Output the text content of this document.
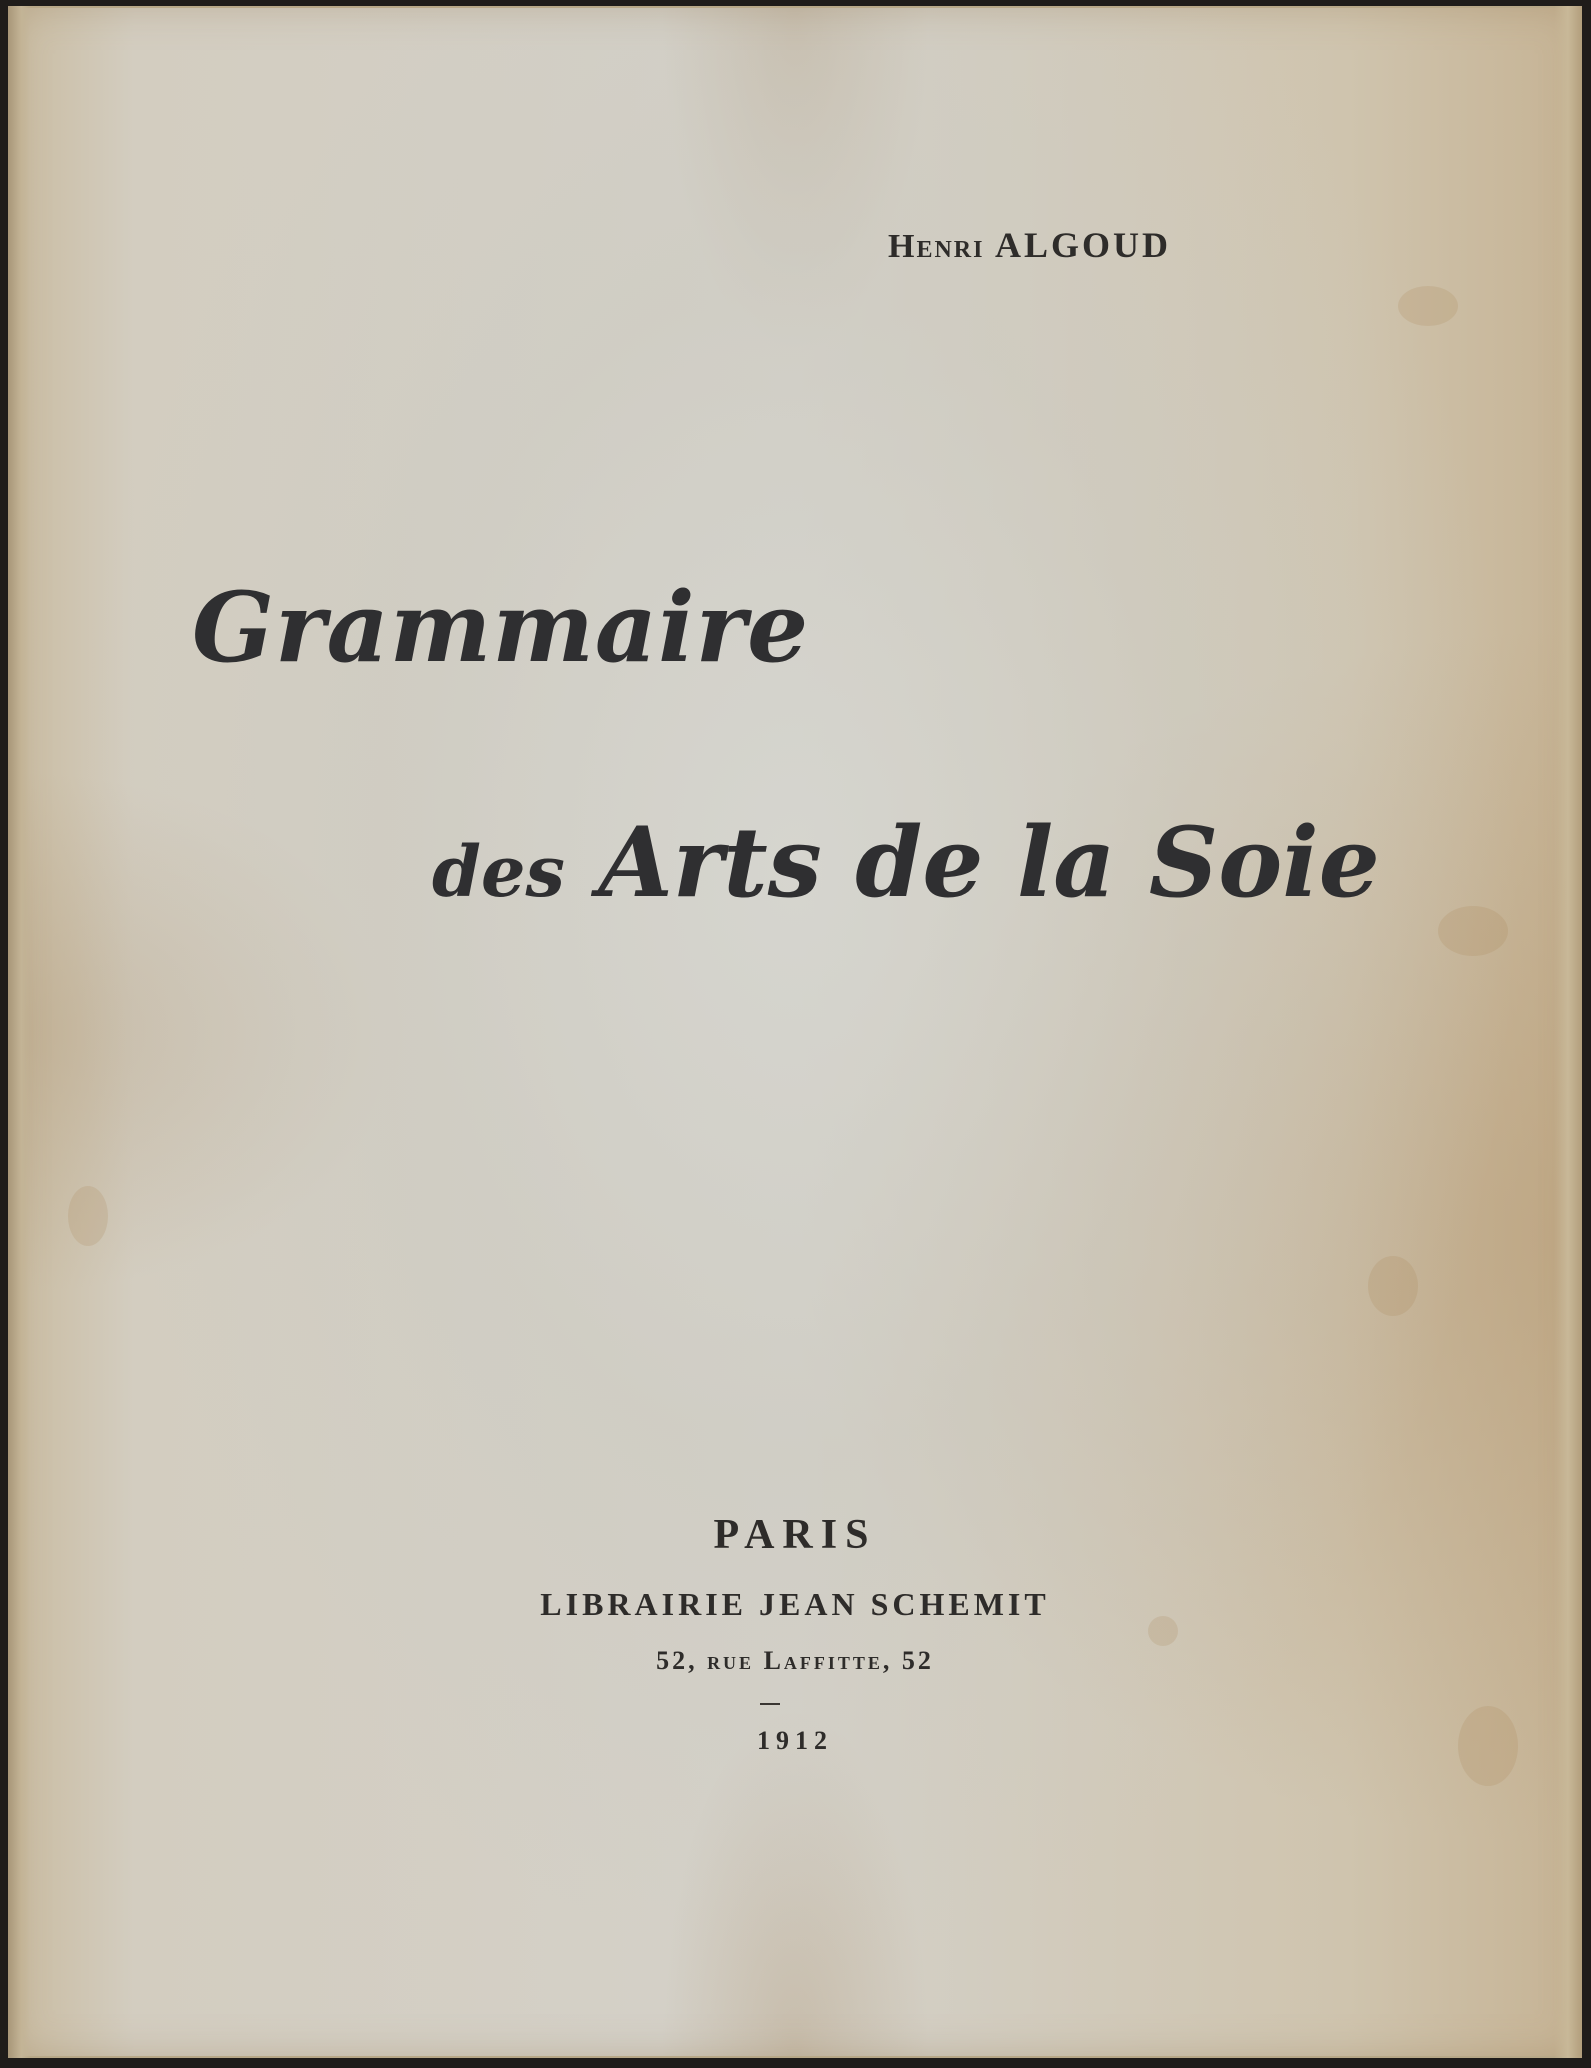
Henri ALGOUD
Grammaire
des Arts de la Soie
PARIS
LIBRAIRIE JEAN SCHEMIT
52, rue Laffitte, 52
1912
